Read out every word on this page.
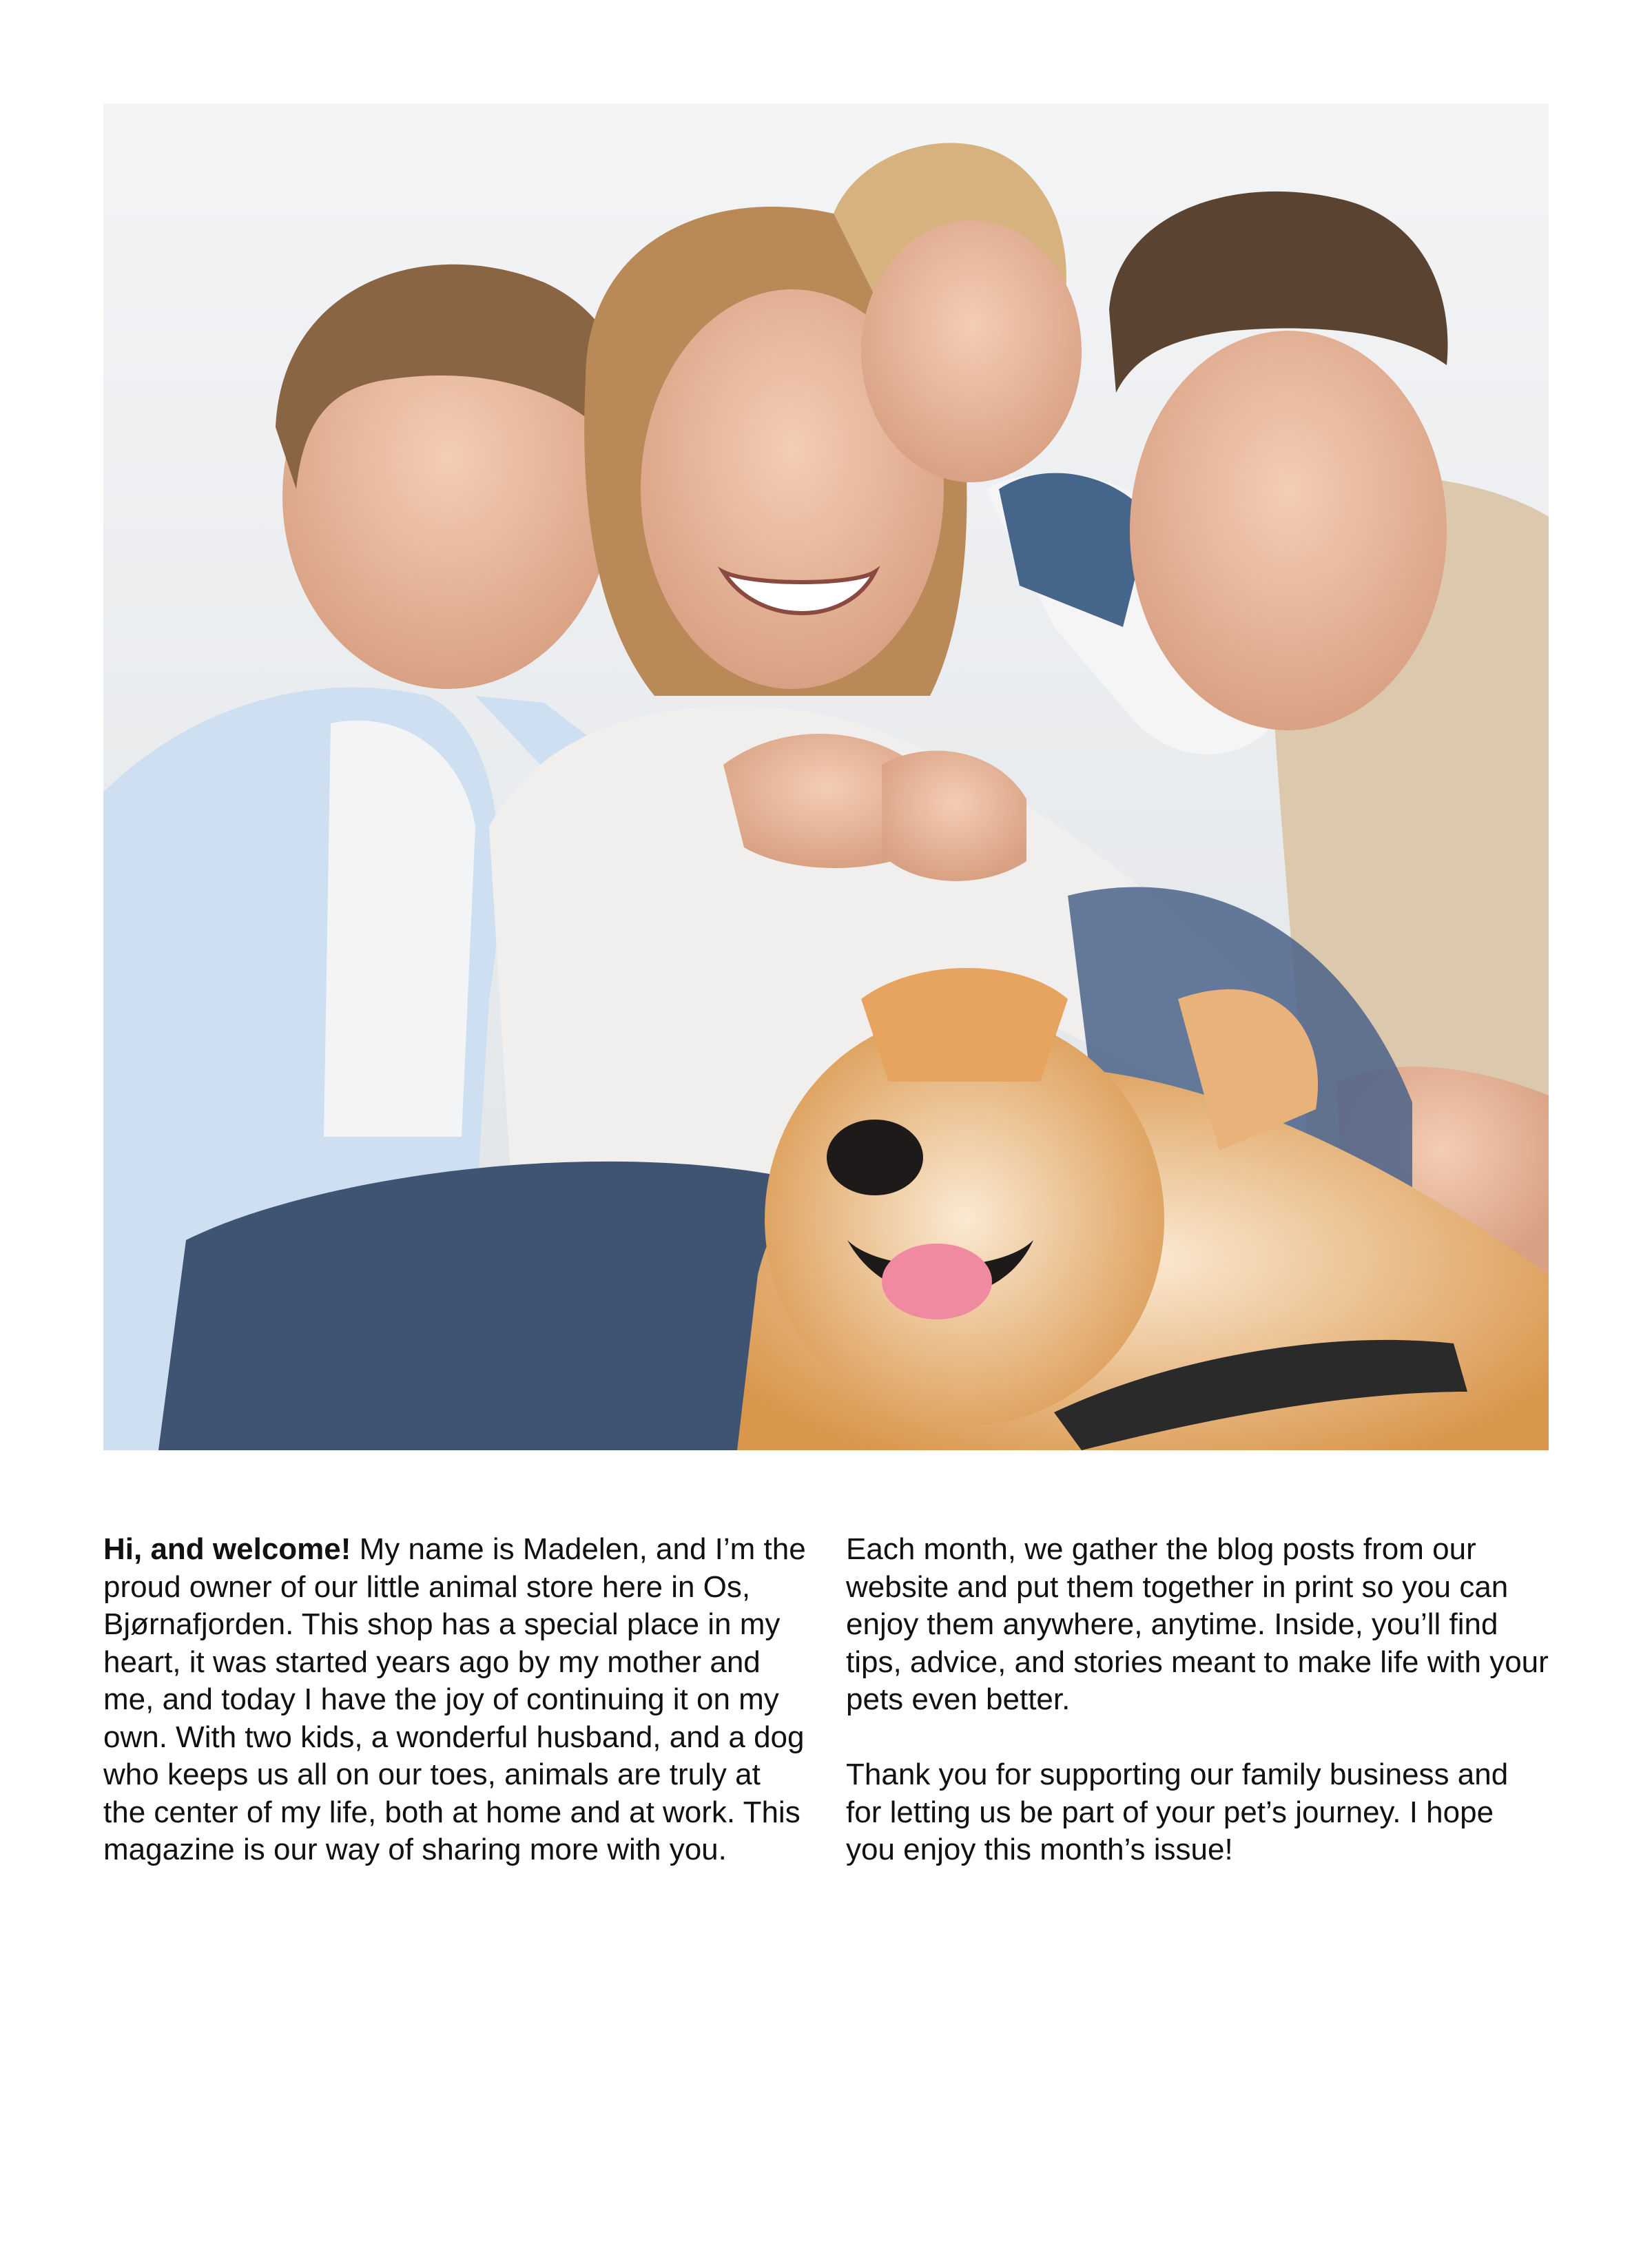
Hi, and welcome! My name is Madelen, and I’m the proud owner of our little animal store here in Os, Bjørnafjorden. This shop has a special place in my heart, it was started years ago by my mother and me, and today I have the joy of continuing it on my own. With two kids, a wonderful husband, and a dog who keeps us all on our toes, animals are truly at the center of my life, both at home and at work. This magazine is our way of sharing more with you.

Each month, we gather the blog posts from our website and put them together in print so you can enjoy them anywhere, anytime. Inside, you’ll find tips, advice, and stories meant to make life with your pets even better.

Thank you for supporting our family business and for letting us be part of your pet’s journey. I hope you enjoy this month’s issue!
